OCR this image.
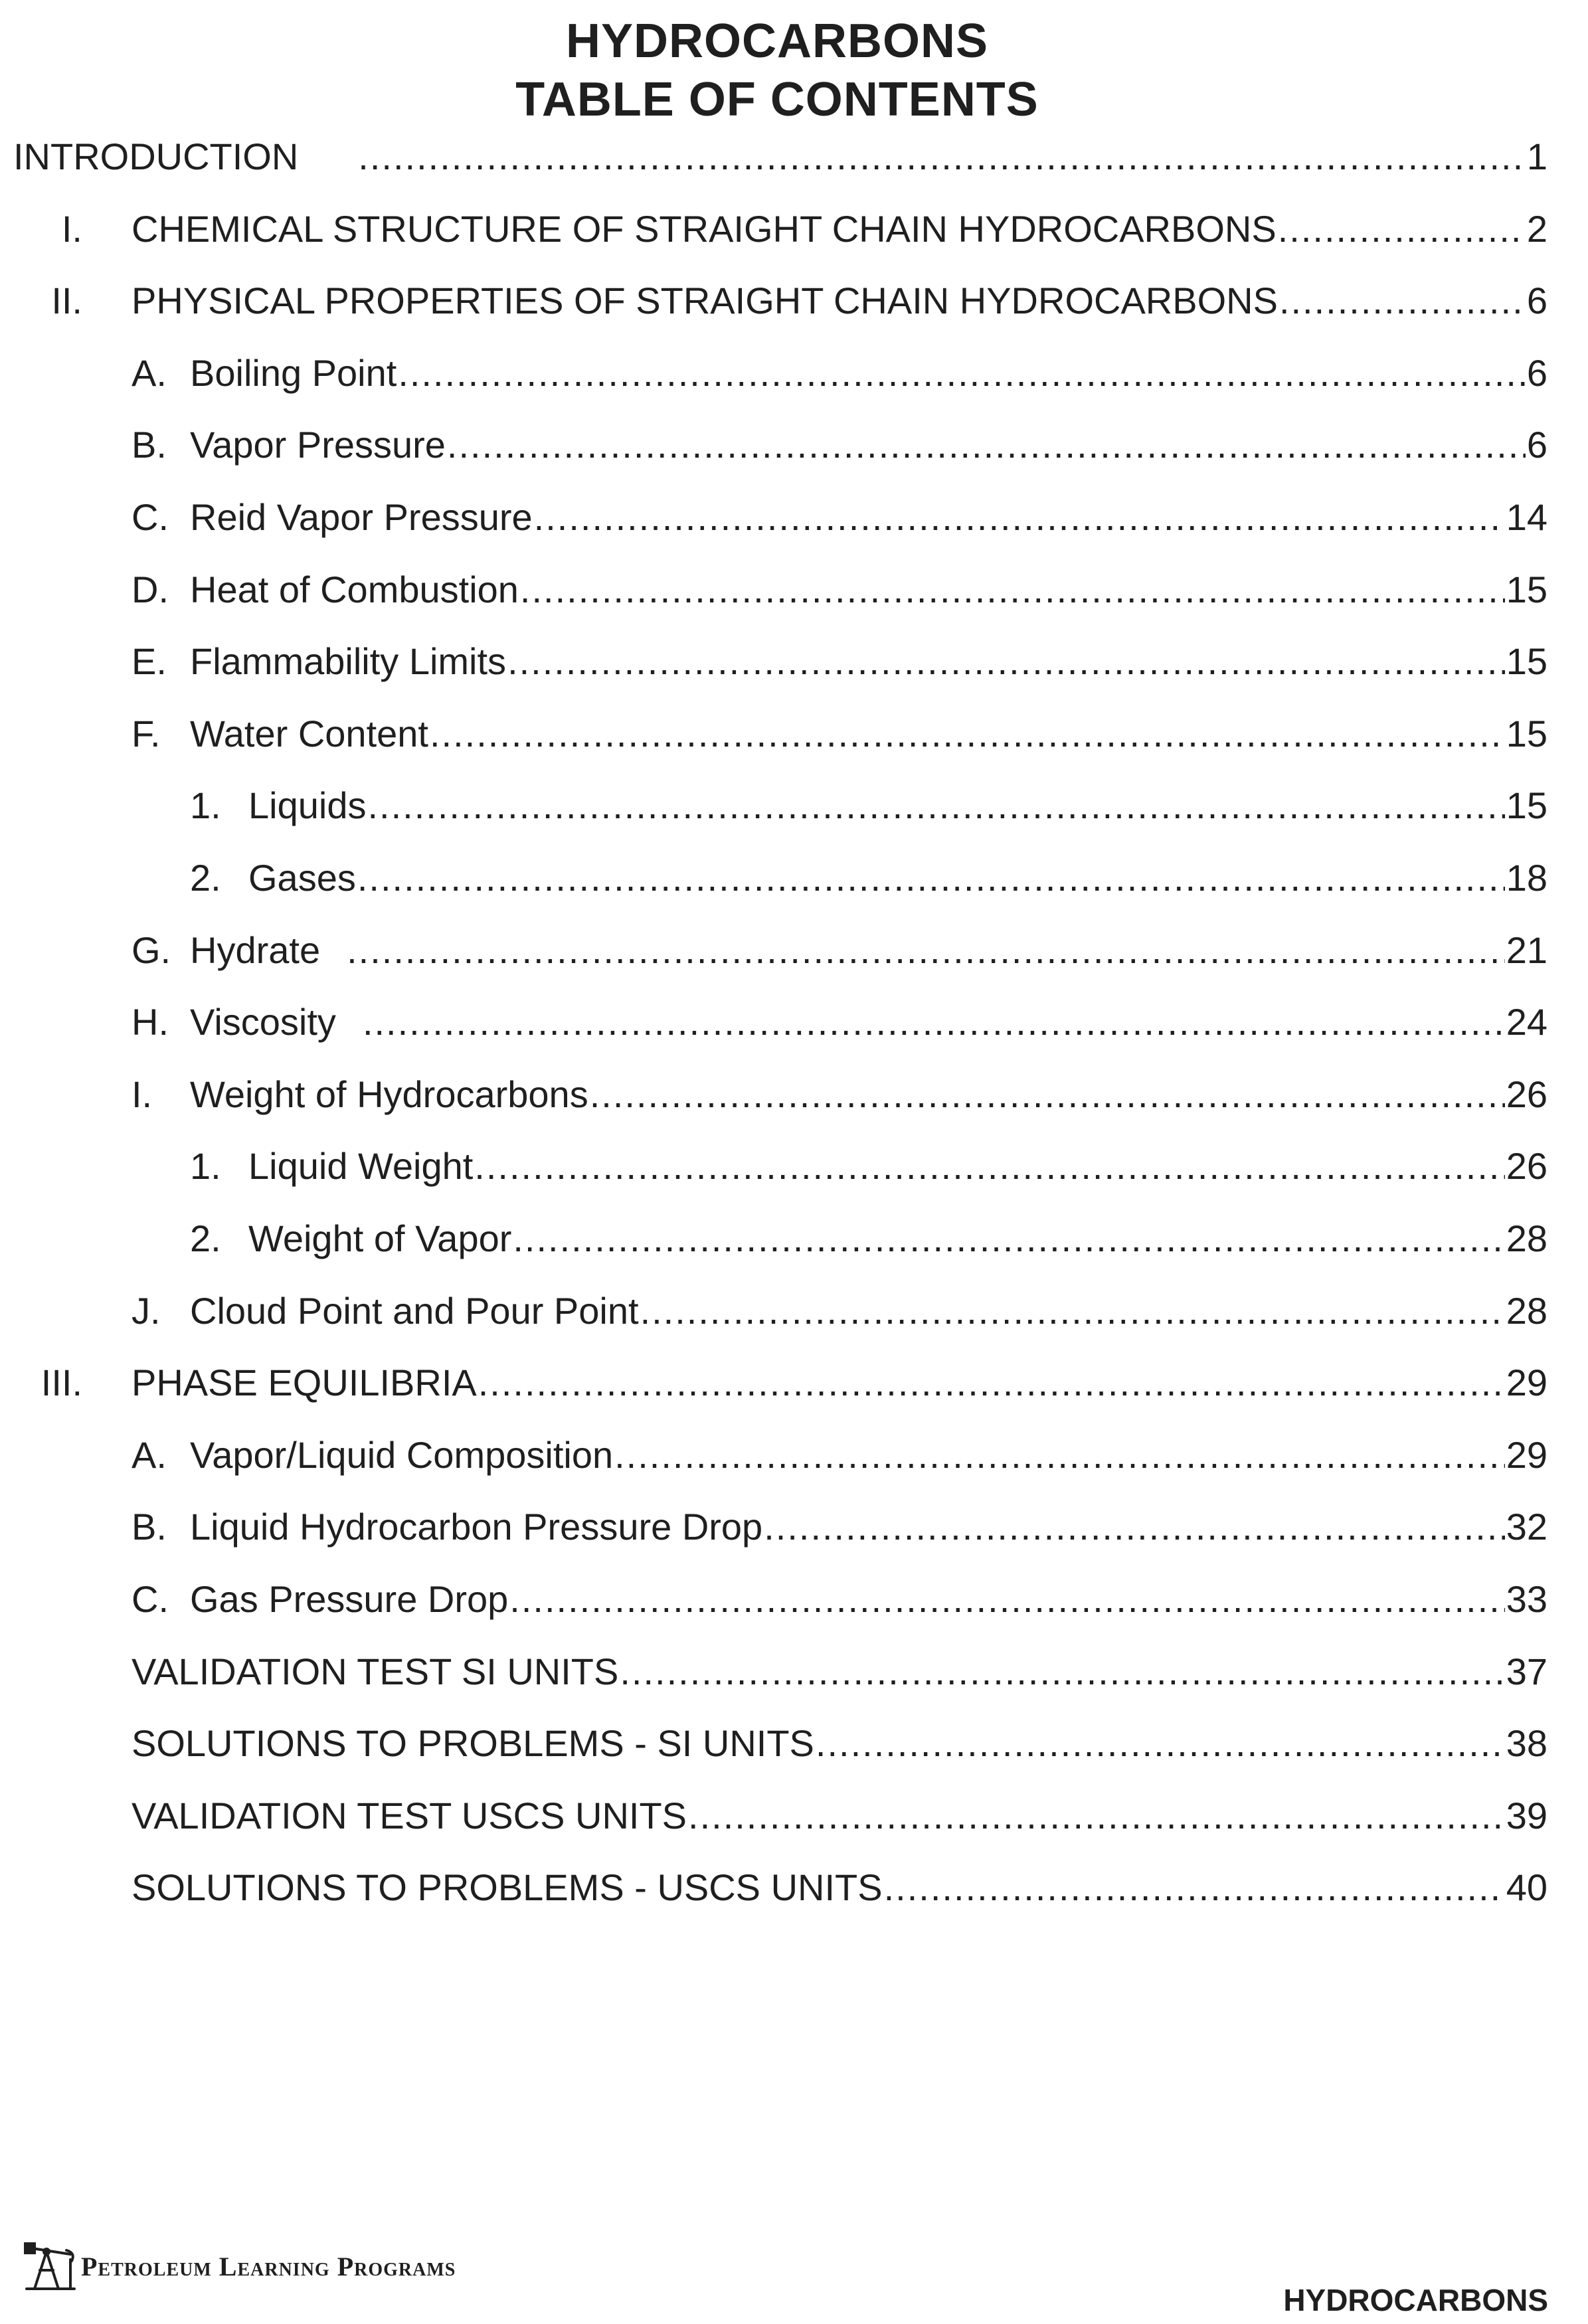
HYDROCARBONS
TABLE OF CONTENTS
INTRODUCTION .....	1
I. CHEMICAL STRUCTURE OF STRAIGHT CHAIN HYDROCARBONS .....	2
II. PHYSICAL PROPERTIES OF STRAIGHT CHAIN HYDROCARBONS .....	6
A. Boiling Point .....	6
B. Vapor Pressure .....	6
C. Reid Vapor Pressure .....	14
D. Heat of Combustion .....	15
E. Flammability Limits .....	15
F. Water Content .....	15
1. Liquids .....	15
2. Gases .....	18
G. Hydrate .....	21
H. Viscosity .....	24
I. Weight of Hydrocarbons .....	26
1. Liquid Weight .....	26
2. Weight of Vapor .....	28
J. Cloud Point and Pour Point .....	28
III. PHASE EQUILIBRIA .....	29
A. Vapor/Liquid Composition .....	29
B. Liquid Hydrocarbon Pressure Drop .....	32
C. Gas Pressure Drop .....	33
VALIDATION TEST SI UNITS .....	37
SOLUTIONS TO PROBLEMS - SI UNITS .....	38
VALIDATION TEST USCS UNITS .....	39
SOLUTIONS TO PROBLEMS - USCS UNITS .....	40
Petroleum Learning Programs
HYDROCARBONS
